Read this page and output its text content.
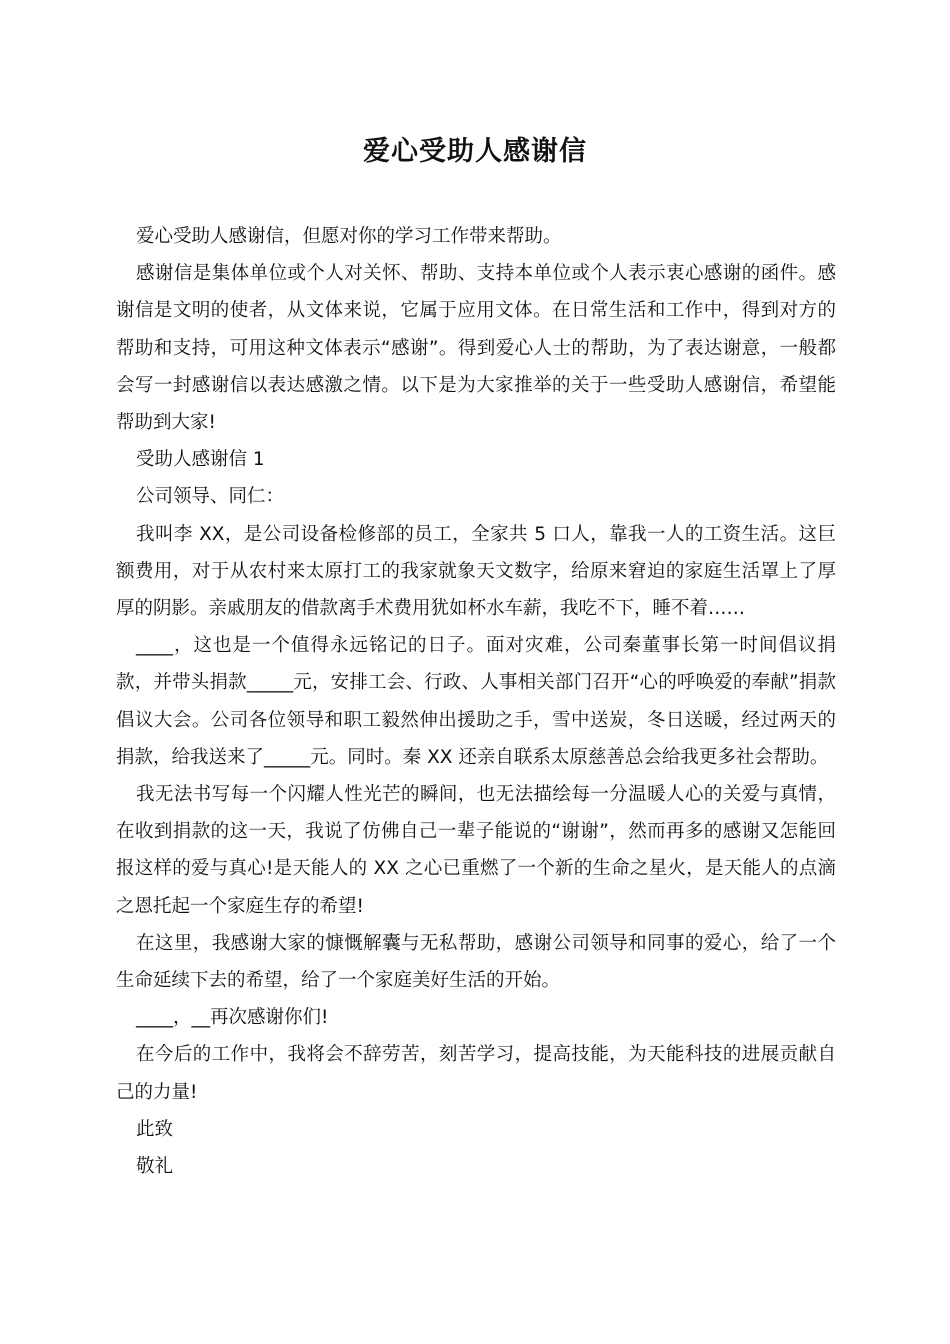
爱心受助人感谢信

爱心受助人感谢信，但愿对你的学习工作带来帮助。

感谢信是集体单位或个人对关怀、帮助、支持本单位或个人表示衷心感谢的函件。感谢信是文明的使者，从文体来说，它属于应用文体。在日常生活和工作中，得到对方的帮助和支持，可用这种文体表示“感谢”。得到爱心人士的帮助，为了表达谢意，一般都会写一封感谢信以表达感激之情。以下是为大家推举的关于一些受助人感谢信，希望能帮助到大家!

受助人感谢信 1

公司领导、同仁：

我叫李 XX，是公司设备检修部的员工，全家共 5 口人，靠我一人的工资生活。这巨额费用，对于从农村来太原打工的我家就象天文数字，给原来窘迫的家庭生活罩上了厚厚的阴影。亲戚朋友的借款离手术费用犹如杯水车薪，我吃不下，睡不着……

____，这也是一个值得永远铭记的日子。面对灾难，公司秦董事长第一时间倡议捐款，并带头捐款_____元，安排工会、行政、人事相关部门召开“心的呼唤爱的奉献”捐款倡议大会。公司各位领导和职工毅然伸出援助之手，雪中送炭，冬日送暖，经过两天的捐款，给我送来了_____元。同时。秦 XX 还亲自联系太原慈善总会给我更多社会帮助。

我无法书写每一个闪耀人性光芒的瞬间，也无法描绘每一分温暖人心的关爱与真情，在收到捐款的这一天，我说了仿佛自己一辈子能说的“谢谢”，然而再多的感谢又怎能回报这样的爱与真心!是天能人的 XX 之心已重燃了一个新的生命之星火，是天能人的点滴之恩托起一个家庭生存的希望!

在这里，我感谢大家的慷慨解囊与无私帮助，感谢公司领导和同事的爱心，给了一个生命延续下去的希望，给了一个家庭美好生活的开始。

____，__再次感谢你们!

在今后的工作中，我将会不辞劳苦，刻苦学习，提高技能，为天能科技的进展贡献自己的力量!

此致

敬礼
